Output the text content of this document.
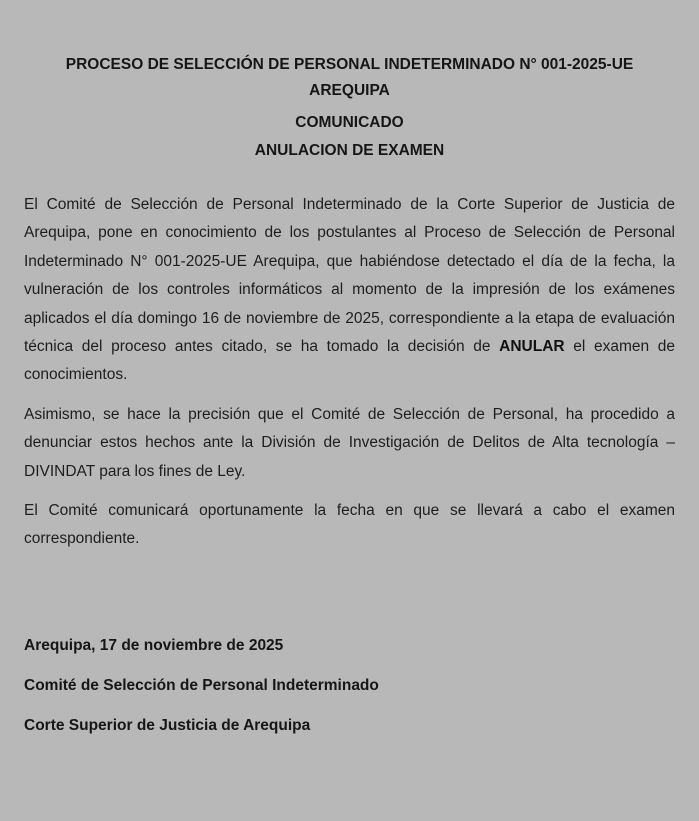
PROCESO DE SELECCIÓN DE PERSONAL INDETERMINADO N° 001-2025-UE
AREQUIPA
COMUNICADO
ANULACION DE EXAMEN

El Comité de Selección de Personal Indeterminado de la Corte Superior de Justicia de Arequipa, pone en conocimiento de los postulantes al Proceso de Selección de Personal Indeterminado N° 001-2025-UE Arequipa, que habiéndose detectado el día de la fecha, la vulneración de los controles informáticos al momento de la impresión de los exámenes aplicados el día domingo 16 de noviembre de 2025, correspondiente a la etapa de evaluación técnica del proceso antes citado, se ha tomado la decisión de ANULAR el examen de conocimientos.

Asimismo, se hace la precisión que el Comité de Selección de Personal, ha procedido a denunciar estos hechos ante la División de Investigación de Delitos de Alta tecnología – DIVINDAT para los fines de Ley.

El Comité comunicará oportunamente la fecha en que se llevará a cabo el examen correspondiente.

Arequipa, 17 de noviembre de 2025

Comité de Selección de Personal Indeterminado

Corte Superior de Justicia de Arequipa
